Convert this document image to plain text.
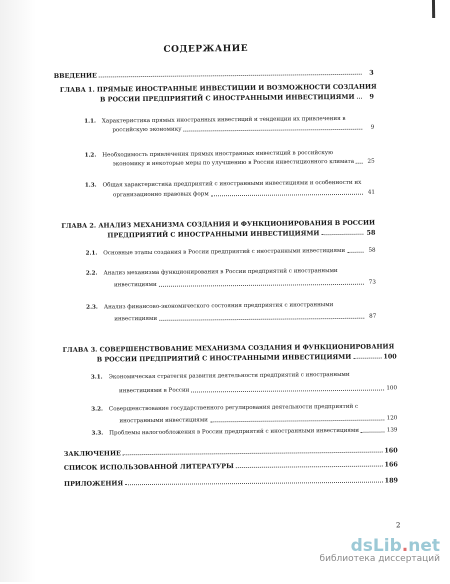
СОДЕРЖАНИЕ
ВВЕДЕНИЕ	3
ГЛАВА 1. ПРЯМЫЕ ИНОСТРАННЫЕ ИНВЕСТИЦИИ И ВОЗМОЖНОСТИ СОЗДАНИЯ
В РОССИИ ПРЕДПРИЯТИЙ С ИНОСТРАННЫМИ ИНВЕСТИЦИЯМИ	9
1.1. Характеристика прямых иностранных инвестиций и тенденции их привлечения в
российскую экономику	9
1.2. Необходимость привлечения прямых иностранных инвестиций в российскую
экономику и некоторые меры по улучшению в России инвестиционного климата	25
1.3. Общая характеристика предприятий с иностранными инвестициями и особенности их
организационно правовых форм	41
ГЛАВА 2. АНАЛИЗ МЕХАНИЗМА СОЗДАНИЯ И ФУНКЦИОНИРОВАНИЯ В РОССИИ
ПРЕДПРИЯТИЙ С ИНОСТРАННЫМИ ИНВЕСТИЦИЯМИ	58
2.1. Основные этапы создания в России предприятий с иностранными инвестициями	58
2.2. Анализ механизма функционирования в России предприятий с иностранными
инвестициями	73
2.3. Анализ финансово-экономического состояния предприятия с иностранными
инвестициями	87
ГЛАВА 3. СОВЕРШЕНСТВОВАНИЕ МЕХАНИЗМА СОЗДАНИЯ И ФУНКЦИОНИРОВАНИЯ
В РОССИИ ПРЕДПРИЯТИЙ С ИНОСТРАННЫМИ ИНВЕСТИЦИЯМИ	100
3.1. Экономическая стратегия развития деятельности предприятий с иностранными
инвестициями в России	100
3.2. Совершенствование государственного регулирования деятельности предприятий с
иностранными инвестициями	120
3.3. Проблемы налогообложения в России предприятий с иностранными инвестициями	139
ЗАКЛЮЧЕНИЕ	160
СПИСОК ИСПОЛЬЗОВАННОЙ ЛИТЕРАТУРЫ	166
ПРИЛОЖЕНИЯ	189
2
dsLib.net
библиотека диссертаций
